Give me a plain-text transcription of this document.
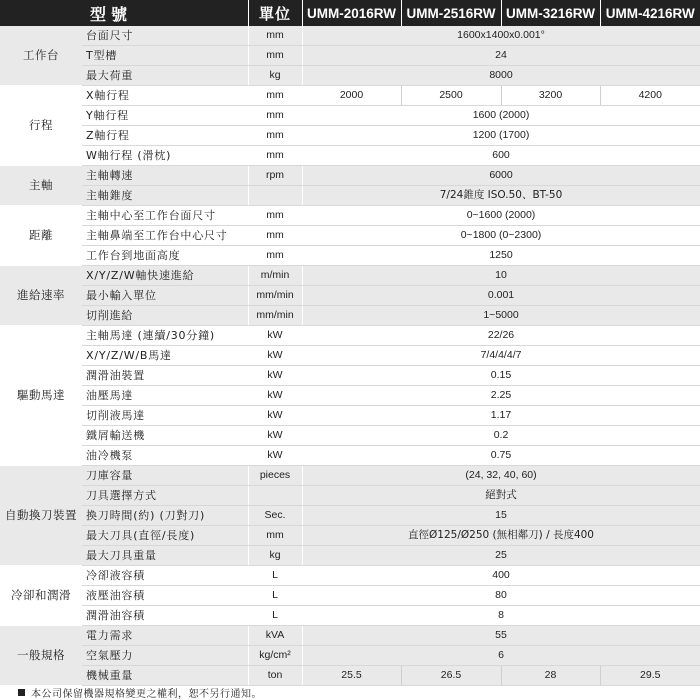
型號		單位	UMM-2016RW	UMM-2516RW	UMM-3216RW	UMM-4216RW
工作台	台面尺寸	mm	1600x1400x0.001°			
	T型槽	mm	24			
	最大荷重	kg	8000			
行程	X軸行程	mm	2000	2500	3200	4200
	Y軸行程	mm	1600 (2000)			
	Z軸行程	mm	1200 (1700)			
	W軸行程 (滑枕)	mm	600			
主軸	主軸轉速	rpm	6000			
	主軸錐度		7/24錐度 ISO.50、BT-50			
距離	主軸中心至工作台面尺寸	mm	0~1600 (2000)			
	主軸鼻端至工作台中心尺寸	mm	0~1800 (0~2300)			
	工作台到地面高度	mm	1250			
進給速率	X/Y/Z/W軸快速進給	m/min	10			
	最小輸入單位	mm/min	0.001			
	切削進給	mm/min	1~5000			
驅動馬達	主軸馬達 (連續/30分鐘)	kW	22/26			
	X/Y/Z/W/B馬達	kW	7/4/4/4/7			
	潤滑油裝置	kW	0.15			
	油壓馬達	kW	2.25			
	切削液馬達	kW	1.17			
	鐵屑輸送機	kW	0.2			
	油冷機泵	kW	0.75			
自動換刀裝置	刀庫容量	pieces	(24, 32, 40, 60)			
	刀具選擇方式		絕對式			
	換刀時間(約) (刀對刀)	Sec.	15			
	最大刀具(直徑/長度)	mm	直徑Ø125/Ø250 (無相鄰刀) / 長度400			
	最大刀具重量	kg	25			
冷卻和潤滑	冷卻液容積	L	400			
	液壓油容積	L	80			
	潤滑油容積	L	8			
一般規格	電力需求	kVA	55			
	空氣壓力	kg/cm²	6			
	機械重量	ton	25.5	26.5	28	29.5
本公司保留機器規格變更之權利，恕不另行通知。
